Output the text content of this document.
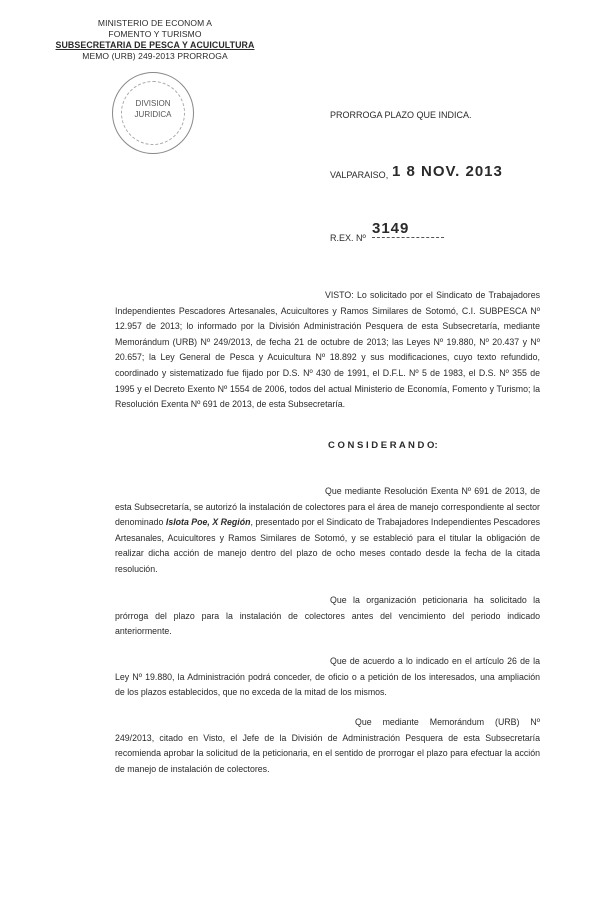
MINISTERIO DE ECONOM A
FOMENTO Y TURISMO
SUBSECRETARIA DE PESCA Y ACUICULTURA
MEMO (URB) 249-2013 PRORROGA
DIVISION
JURIDICA	PRORROGA PLAZO QUE INDICA.
VALPARAISO, 1 8 NOV. 2013
R.EX. Nº
3149
VISTO: Lo solicitado por el Sindicato de Trabajadores Independientes Pescadores Artesanales, Acuicultores y Ramos Similares de Sotomó, C.I. SUBPESCA Nº 12.957 de 2013; lo informado por la División Administración Pesquera de esta Subsecretaría, mediante Memorándum (URB) Nº 249/2013, de fecha 21 de octubre de 2013; las Leyes Nº 19.880, Nº 20.437 y Nº 20.657; la Ley General de Pesca y Acuicultura Nº 18.892 y sus modificaciones, cuyo texto refundido, coordinado y sistematizado fue fijado por D.S. Nº 430 de 1991, el D.F.L. Nº 5 de 1983, el D.S. Nº 355 de 1995 y el Decreto Exento Nº 1554 de 2006, todos del actual Ministerio de Economía, Fomento y Turismo; la Resolución Exenta Nº 691 de 2013, de esta Subsecretaría.
C O N S I D E R A N D O:
Que mediante Resolución Exenta Nº 691 de 2013, de esta Subsecretaría, se autorizó la instalación de colectores para el área de manejo correspondiente al sector denominado Islota Poe, X Región, presentado por el Sindicato de Trabajadores Independientes Pescadores Artesanales, Acuicultores y Ramos Similares de Sotomó, y se estableció para el titular la obligación de realizar dicha acción de manejo dentro del plazo de ocho meses contado desde la fecha de la citada resolución.
Que la organización peticionaria ha solicitado la prórroga del plazo para la instalación de colectores antes del vencimiento del periodo indicado anteriormente.
Que de acuerdo a lo indicado en el artículo 26 de la Ley Nº 19.880, la Administración podrá conceder, de oficio o a petición de los interesados, una ampliación de los plazos establecidos, que no exceda de la mitad de los mismos.
Que mediante Memorándum (URB) Nº 249/2013, citado en Visto, el Jefe de la División de Administración Pesquera de esta Subsecretaría recomienda aprobar la solicitud de la peticionaria, en el sentido de prorrogar el plazo para efectuar la acción de manejo de instalación de colectores.
